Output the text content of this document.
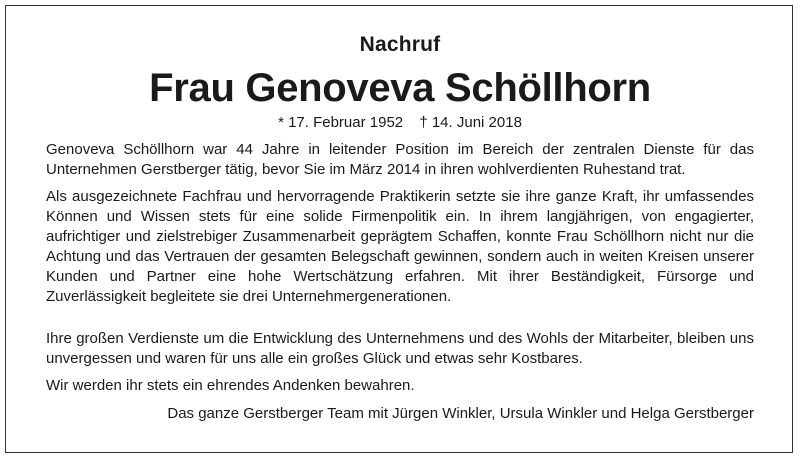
Nachruf
Frau Genoveva Schöllhorn
* 17. Februar 1952 † 14. Juni 2018
Genoveva Schöllhorn war 44 Jahre in leitender Position im Bereich der zentralen Dienste für das Unternehmen Gerstberger tätig, bevor Sie im März 2014 in ihren wohlverdienten Ruhestand trat.
Als ausgezeichnete Fachfrau und hervorragende Praktikerin setzte sie ihre ganze Kraft, ihr umfassendes Können und Wissen stets für eine solide Firmenpolitik ein. In ihrem langjährigen, von engagierter, aufrichtiger und zielstrebiger Zusammenarbeit geprägtem Schaffen, konnte Frau Schöllhorn nicht nur die Achtung und das Vertrauen der gesamten Belegschaft gewinnen, sondern auch in weiten Kreisen unserer Kunden und Partner eine hohe Wertschätzung erfahren. Mit ihrer Beständigkeit, Fürsorge und Zuverlässigkeit begleitete sie drei Unternehmergenerationen.
Ihre großen Verdienste um die Entwicklung des Unternehmens und des Wohls der Mitarbeiter, bleiben uns unvergessen und waren für uns alle ein großes Glück und etwas sehr Kostbares.
Wir werden ihr stets ein ehrendes Andenken bewahren.
Das ganze Gerstberger Team mit Jürgen Winkler, Ursula Winkler und Helga Gerstberger
